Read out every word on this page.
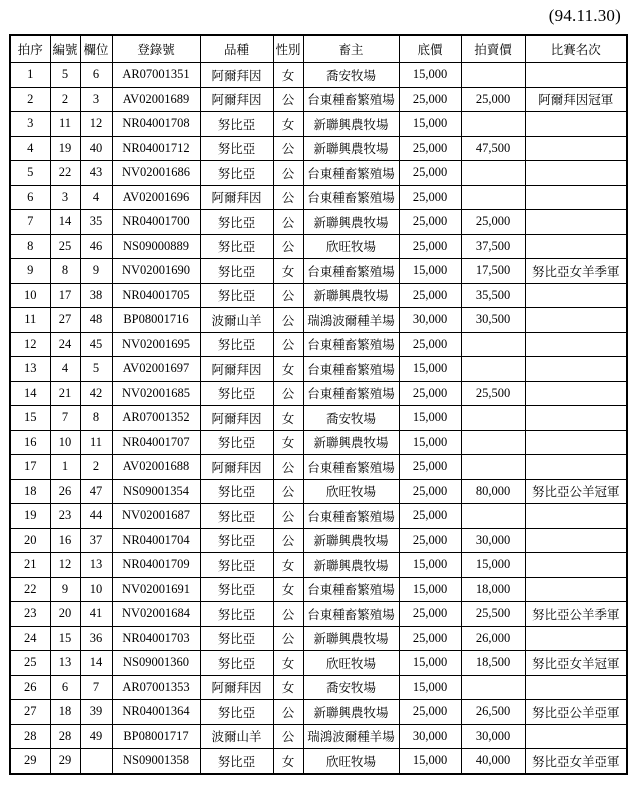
(94.11.30)
拍序	編號	欄位	登錄號	品種	性別	畜主	底價	拍賣價	比賽名次
1	5	6	AR07001351	阿爾拜因	女	喬安牧場	15,000		
2	2	3	AV02001689	阿爾拜因	公	台東種畜繁殖場	25,000	25,000	阿爾拜因冠軍
3	11	12	NR04001708	努比亞	女	新聯興農牧場	15,000		
4	19	40	NR04001712	努比亞	公	新聯興農牧場	25,000	47,500	
5	22	43	NV02001686	努比亞	公	台東種畜繁殖場	25,000		
6	3	4	AV02001696	阿爾拜因	公	台東種畜繁殖場	25,000		
7	14	35	NR04001700	努比亞	公	新聯興農牧場	25,000	25,000	
8	25	46	NS09000889	努比亞	公	欣旺牧場	25,000	37,500	
9	8	9	NV02001690	努比亞	女	台東種畜繁殖場	15,000	17,500	努比亞女羊季軍
10	17	38	NR04001705	努比亞	公	新聯興農牧場	25,000	35,500	
11	27	48	BP08001716	波爾山羊	公	瑞鴻波爾種羊場	30,000	30,500	
12	24	45	NV02001695	努比亞	公	台東種畜繁殖場	25,000		
13	4	5	AV02001697	阿爾拜因	女	台東種畜繁殖場	15,000		
14	21	42	NV02001685	努比亞	公	台東種畜繁殖場	25,000	25,500	
15	7	8	AR07001352	阿爾拜因	女	喬安牧場	15,000		
16	10	11	NR04001707	努比亞	女	新聯興農牧場	15,000		
17	1	2	AV02001688	阿爾拜因	公	台東種畜繁殖場	25,000		
18	26	47	NS09001354	努比亞	公	欣旺牧場	25,000	80,000	努比亞公羊冠軍
19	23	44	NV02001687	努比亞	公	台東種畜繁殖場	25,000		
20	16	37	NR04001704	努比亞	公	新聯興農牧場	25,000	30,000	
21	12	13	NR04001709	努比亞	女	新聯興農牧場	15,000	15,000	
22	9	10	NV02001691	努比亞	女	台東種畜繁殖場	15,000	18,000	
23	20	41	NV02001684	努比亞	公	台東種畜繁殖場	25,000	25,500	努比亞公羊季軍
24	15	36	NR04001703	努比亞	公	新聯興農牧場	25,000	26,000	
25	13	14	NS09001360	努比亞	女	欣旺牧場	15,000	18,500	努比亞女羊冠軍
26	6	7	AR07001353	阿爾拜因	女	喬安牧場	15,000		
27	18	39	NR04001364	努比亞	公	新聯興農牧場	25,000	26,500	努比亞公羊亞軍
28	28	49	BP08001717	波爾山羊	公	瑞鴻波爾種羊場	30,000	30,000	
29	29		NS09001358	努比亞	女	欣旺牧場	15,000	40,000	努比亞女羊亞軍
